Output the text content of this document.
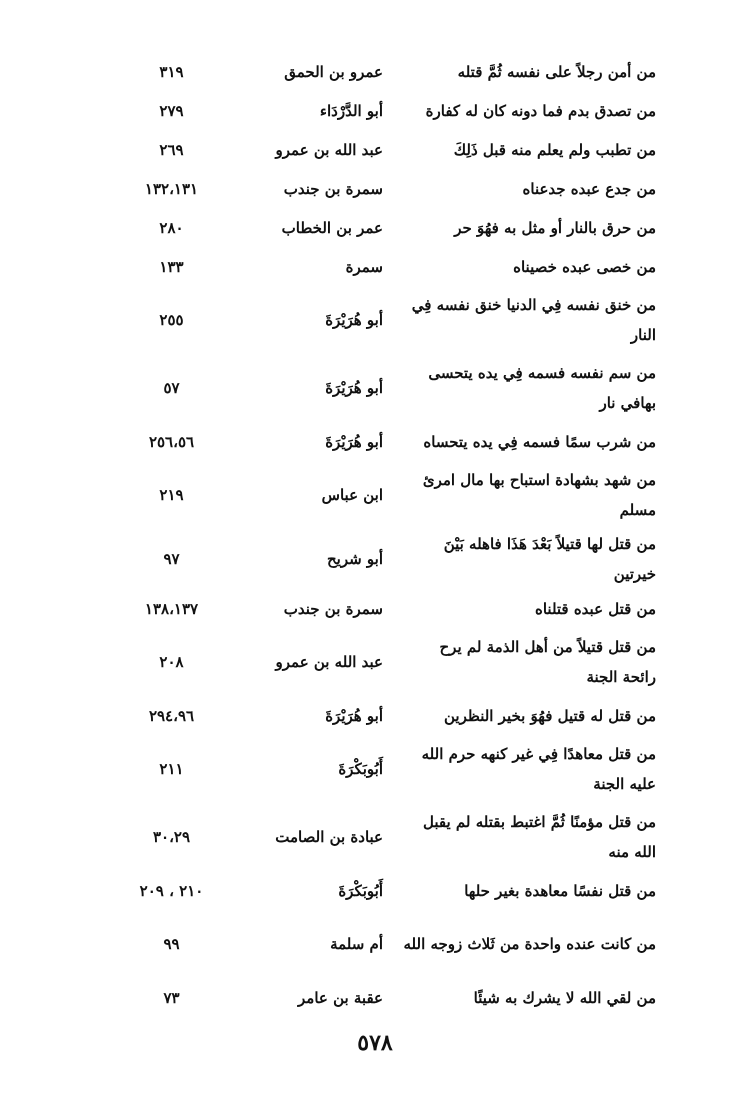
من أمن رجلاً على نفسه ثُمَّ قتله
عمرو بن الحمق
٣١٩
من تصدق بدم فما دونه كان له كفارة
أبو الدَّرْدَاء
٢٧٩
من تطبب ولم يعلم منه قبل ذَلِكَ
عبد الله بن عمرو
٢٦٩
من جدع عبده جدعناه
سمرة بن جندب
١٣٢،١٣١
من حرق بالنار أو مثل به فهُوَ حر
عمر بن الخطاب
٢٨٠
من خصى عبده خصيناه
سمرة
١٣٣
من خنق نفسه فِي الدنيا خنق نفسه فِي النار
أبو هُرَيْرَةَ
٢٥٥
من سم نفسه فسمه فِي يده يتحسى بهافي نار
أبو هُرَيْرَةَ
٥٧
من شرب سمًا فسمه فِي يده يتحساه
أبو هُرَيْرَةَ
٢٥٦،٥٦
من شهد بشهادة استباح بها مال امرئ مسلم
ابن عباس
٢١٩
من قتل لها قتيلاً بَعْدَ هَذَا فاهله بَيْنَ خيرتين
أبو شريح
٩٧
من قتل عبده قتلناه
سمرة بن جندب
١٣٨،١٣٧
من قتل قتيلاً من أهل الذمة لم يرح رائحة الجنة
عبد الله بن عمرو
٢٠٨
من قتل له قتيل فهُوَ بخير النظرين
أبو هُرَيْرَةَ
٢٩٤،٩٦
من قتل معاهدًا فِي غير كنهه حرم الله عليه الجنة
أَبُوبَكْرَةَ
٢١١
من قتل مؤمنًا ثُمَّ اغتبط بقتله لم يقبل الله منه
عبادة بن الصامت
٣٠،٢٩
من قتل نفسًا معاهدة بغير حلها
أَبُوبَكْرَةَ
٢١٠ ، ٢٠٩
من كانت عنده واحدة من ثَلاث زوجه الله
أم سلمة
٩٩
من لقي الله لا يشرك به شيئًا
عقبة بن عامر
٧٣
٥٧٨
